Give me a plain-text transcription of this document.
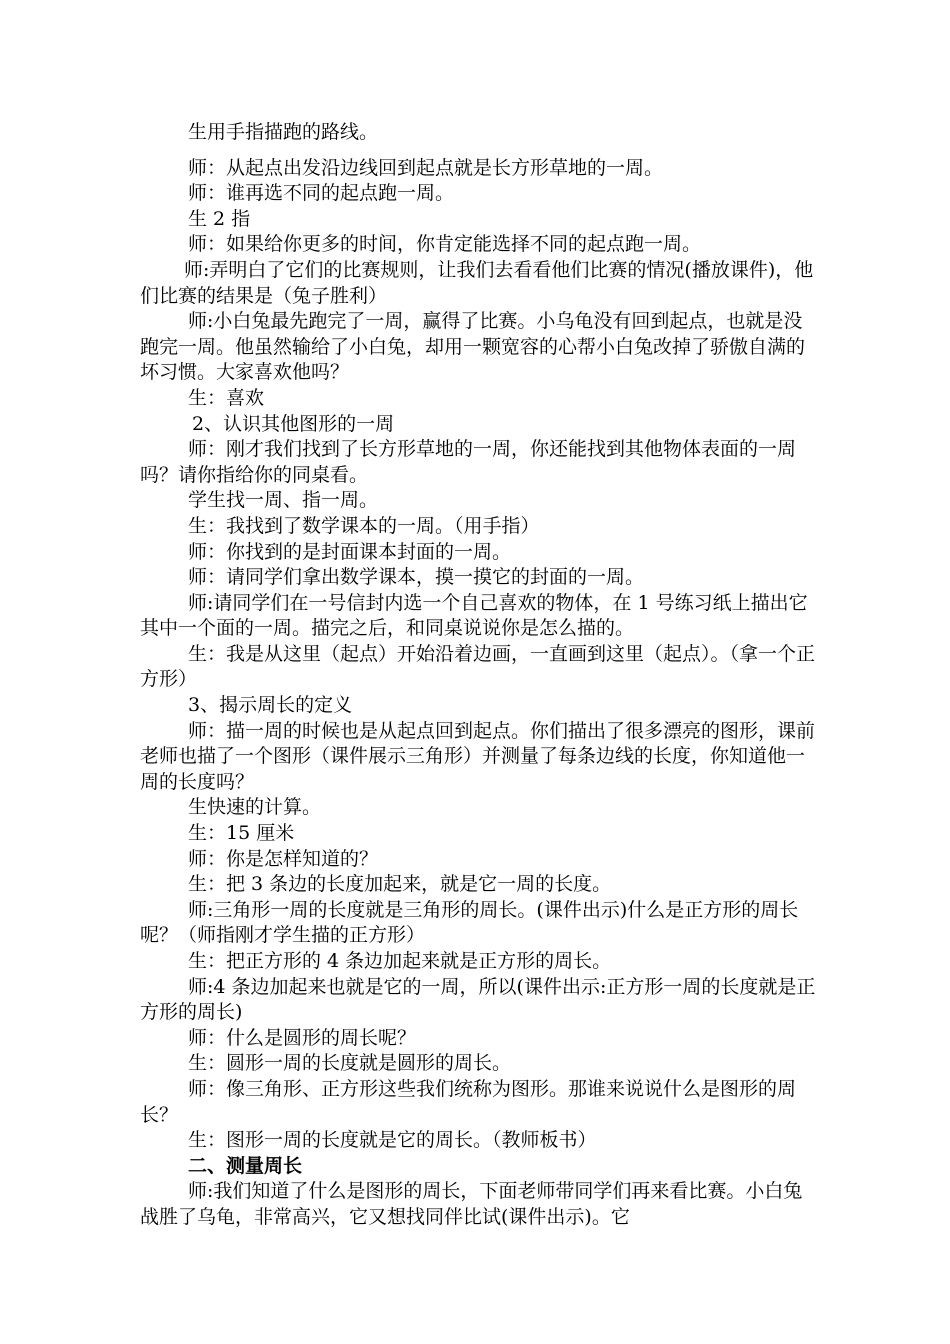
生用手指描跑的路线。

师：从起点出发沿边线回到起点就是长方形草地的一周。

师：谁再选不同的起点跑一周。

生 2 指

师：如果给你更多的时间，你肯定能选择不同的起点跑一周。

师:弄明白了它们的比赛规则，让我们去看看他们比赛的情况(播放课件)，他们比赛的结果是（兔子胜利）

师:小白兔最先跑完了一周，赢得了比赛。小乌龟没有回到起点，也就是没跑完一周。他虽然输给了小白兔，却用一颗宽容的心帮小白兔改掉了骄傲自满的坏习惯。大家喜欢他吗？

生：喜欢

2、认识其他图形的一周

师：刚才我们找到了长方形草地的一周，你还能找到其他物体表面的一周吗？请你指给你的同桌看。

学生找一周、指一周。

生：我找到了数学课本的一周。（用手指）

师：你找到的是封面课本封面的一周。

师：请同学们拿出数学课本，摸一摸它的封面的一周。

师:请同学们在一号信封内选一个自己喜欢的物体，在 1 号练习纸上描出它其中一个面的一周。描完之后，和同桌说说你是怎么描的。

生：我是从这里（起点）开始沿着边画，一直画到这里（起点）。（拿一个正方形）

3、揭示周长的定义

师：描一周的时候也是从起点回到起点。你们描出了很多漂亮的图形，课前老师也描了一个图形（课件展示三角形）并测量了每条边线的长度，你知道他一周的长度吗？

生快速的计算。

生：15 厘米

师：你是怎样知道的？

生：把 3 条边的长度加起来，就是它一周的长度。

师:三角形一周的长度就是三角形的周长。(课件出示)什么是正方形的周长呢？（师指刚才学生描的正方形）

生：把正方形的 4 条边加起来就是正方形的周长。

师:4 条边加起来也就是它的一周，所以(课件出示:正方形一周的长度就是正方形的周长)

师：什么是圆形的周长呢？

生：圆形一周的长度就是圆形的周长。

师：像三角形、正方形这些我们统称为图形。那谁来说说什么是图形的周长？

生：图形一周的长度就是它的周长。（教师板书）

二、测量周长

师:我们知道了什么是图形的周长，下面老师带同学们再来看比赛。小白兔战胜了乌龟，非常高兴，它又想找同伴比试(课件出示)。它
